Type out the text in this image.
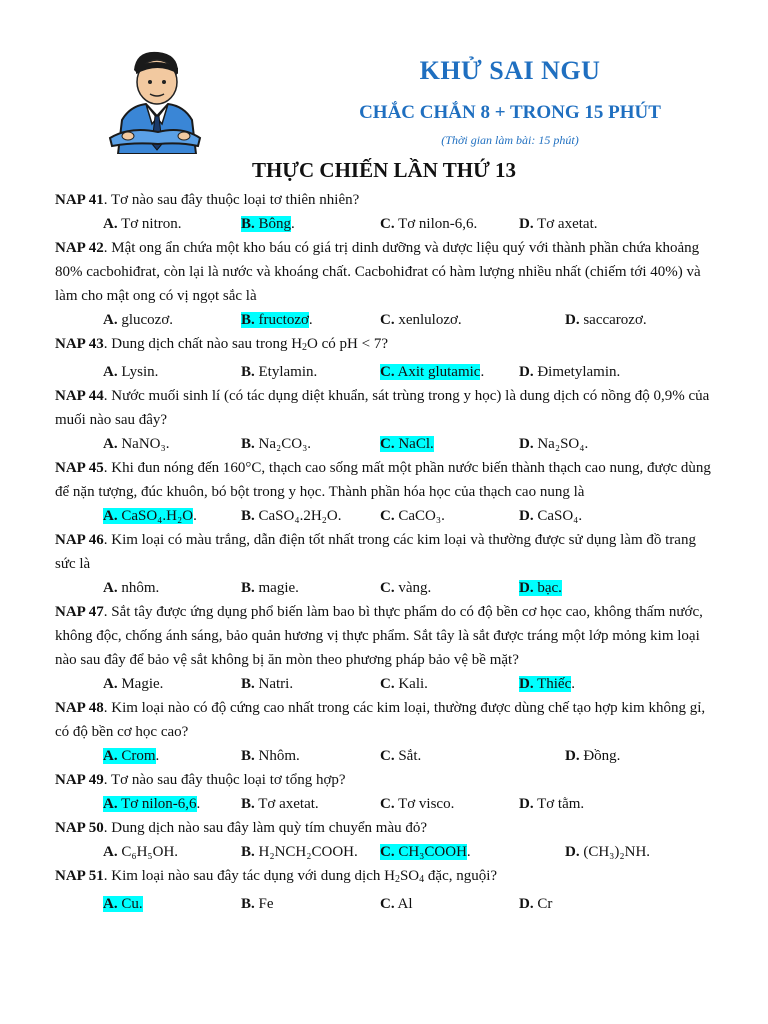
KHỬ SAI NGU
CHẮC CHẮN 8 + TRONG 15 PHÚT
(Thời gian làm bài: 15 phút)
THỰC CHIẾN LẦN THỨ 13

NAP 41. Tơ nào sau đây thuộc loại tơ thiên nhiên?

A. Tơ nitron.	B. Bông.	C. Tơ nilon-6,6.	D. Tơ axetat.

NAP 42. Mật ong ẩn chứa một kho báu có giá trị dinh dưỡng và dược liệu quý với thành phần chứa khoảng 80% cacbohiđrat, còn lại là nước và khoáng chất. Cacbohiđrat có hàm lượng nhiều nhất (chiếm tới 40%) và làm cho mật ong có vị ngọt sắc là

A. glucozơ.	B. fructozơ.	C. xenlulozơ.	D. saccarozơ.

NAP 43. Dung dịch chất nào sau trong $H_2O$ có pH < 7?

A. Lysin.	B. Etylamin.	C. Axit glutamic. D. Đimetylamin.

NAP 44. Nước muối sinh lí (có tác dụng diệt khuẩn, sát trùng trong y học) là dung dịch có nồng độ 0,9% của muối nào sau đây?

A. NaNO₃.	B. Na₂CO₃.	C. NaCl.	D. Na₂SO₄.

NAP 45. Khi đun nóng đến 160°C, thạch cao sống mất một phần nước biến thành thạch cao nung, được dùng để nặn tượng, đúc khuôn, bó bột trong y học. Thành phần hóa học của thạch cao nung là

A. CaSO₄.H₂O.	B. CaSO₄.2H₂O.	C. CaCO₃.	D. CaSO₄.

NAP 46. Kim loại có màu trắng, dẫn điện tốt nhất trong các kim loại và thường được sử dụng làm đồ trang sức là

A. nhôm.	B. magie.	C. vàng.	D. bạc.

NAP 47. Sắt tây được ứng dụng phổ biến làm bao bì thực phẩm do có độ bền cơ học cao, không thấm nước, không độc, chống ánh sáng, bảo quản hương vị thực phẩm. Sắt tây là sắt được tráng một lớp mỏng kim loại nào sau đây để bảo vệ sắt không bị ăn mòn theo phương pháp bảo vệ bề mặt?

A. Magie.	B. Natri.	C. Kali.	D. Thiếc.

NAP 48. Kim loại nào có độ cứng cao nhất trong các kim loại, thường được dùng chế tạo hợp kim không gỉ, có độ bền cơ học cao?

A. Crom.	B. Nhôm.	C. Sắt.	D. Đồng.

NAP 49. Tơ nào sau đây thuộc loại tơ tổng hợp?

A. Tơ nilon-6,6.	B. Tơ axetat.	C. Tơ visco.	D. Tơ tằm.

NAP 50. Dung dịch nào sau đây làm quỳ tím chuyển màu đỏ?

A. C₆H₅OH.	B. H₂NCH₂COOH. C. CH₃COOH.	D. (CH₃)₂NH.

NAP 51. Kim loại nào sau đây tác dụng với dung dịch $H_2SO_4$ đặc, nguội?

A. Cu.	B. Fe	C. Al	D. Cr
